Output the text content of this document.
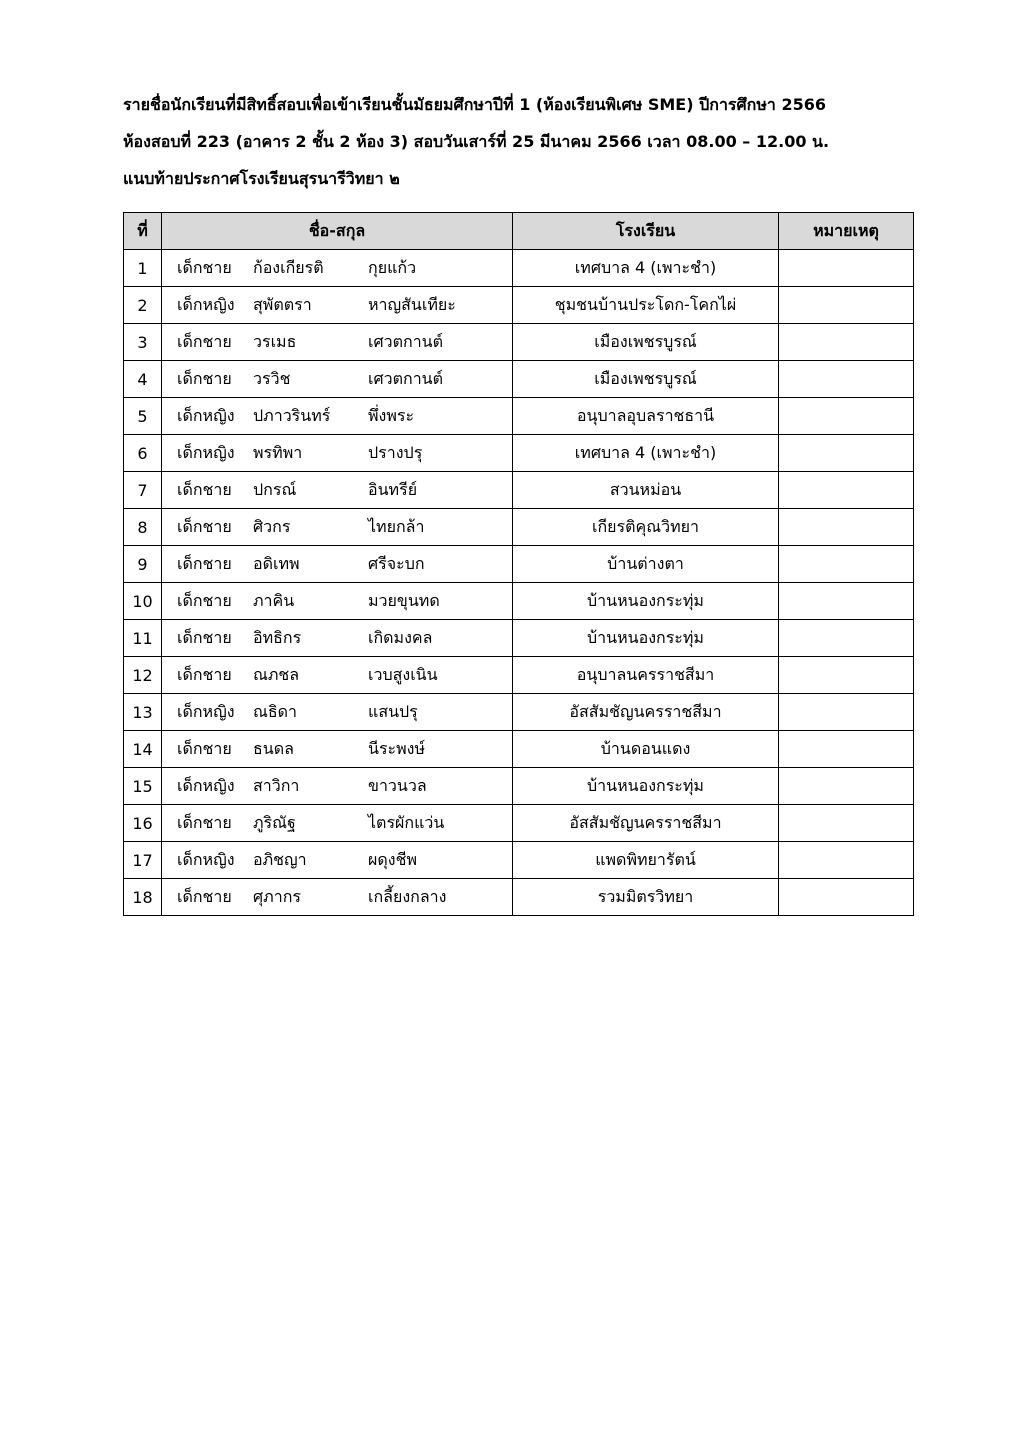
รายชื่อนักเรียนที่มีสิทธิ์สอบเพื่อเข้าเรียนชั้นมัธยมศึกษาปีที่ 1 (ห้องเรียนพิเศษ SME) ปีการศึกษา 2566
ห้องสอบที่ 223 (อาคาร 2 ชั้น 2 ห้อง 3) สอบวันเสาร์ที่ 25 มีนาคม 2566 เวลา 08.00 – 12.00 น.
แนบท้ายประกาศโรงเรียนสุรนารีวิทยา ๒
ที่	ชื่อ-สกุล	โรงเรียน	หมายเหตุ
1	เด็กชาย ก้องเกียรติ กุยแก้ว	เทศบาล 4 (เพาะชำ)	
2	เด็กหญิง สุพัตตรา หาญสันเทียะ	ชุมชนบ้านประโดก-โคกไผ่	
3	เด็กชาย วรเมธ เศวตกานต์	เมืองเพชรบูรณ์	
4	เด็กชาย วรวิช เศวตกานต์	เมืองเพชรบูรณ์	
5	เด็กหญิง ปภาวรินทร์ พึ่งพระ	อนุบาลอุบลราชธานี	
6	เด็กหญิง พรทิพา ปรางปรุ	เทศบาล 4 (เพาะชำ)	
7	เด็กชาย ปกรณ์ อินทรีย์	สวนหม่อน	
8	เด็กชาย ศิวกร ไทยกล้า	เกียรติคุณวิทยา	
9	เด็กชาย อดิเทพ ศรีจะบก	บ้านต่างตา	
10	เด็กชาย ภาคิน มวยขุนทด	บ้านหนองกระทุ่ม	
11	เด็กชาย อิทธิกร เกิดมงคล	บ้านหนองกระทุ่ม	
12	เด็กชาย ณภชล เวบสูงเนิน	อนุบาลนครราชสีมา	
13	เด็กหญิง ณธิดา แสนปรุ	อัสสัมชัญนครราชสีมา	
14	เด็กชาย ธนดล นีระพงษ์	บ้านดอนแดง	
15	เด็กหญิง สาวิกา ขาวนวล	บ้านหนองกระทุ่ม	
16	เด็กชาย ภูริณัฐ ไตรผักแว่น	อัสสัมชัญนครราชสีมา	
17	เด็กหญิง อภิชญา ผดุงชีพ	แพดพิทยารัตน์	
18	เด็กชาย ศุภากร เกลี้ยงกลาง	รวมมิตรวิทยา	
